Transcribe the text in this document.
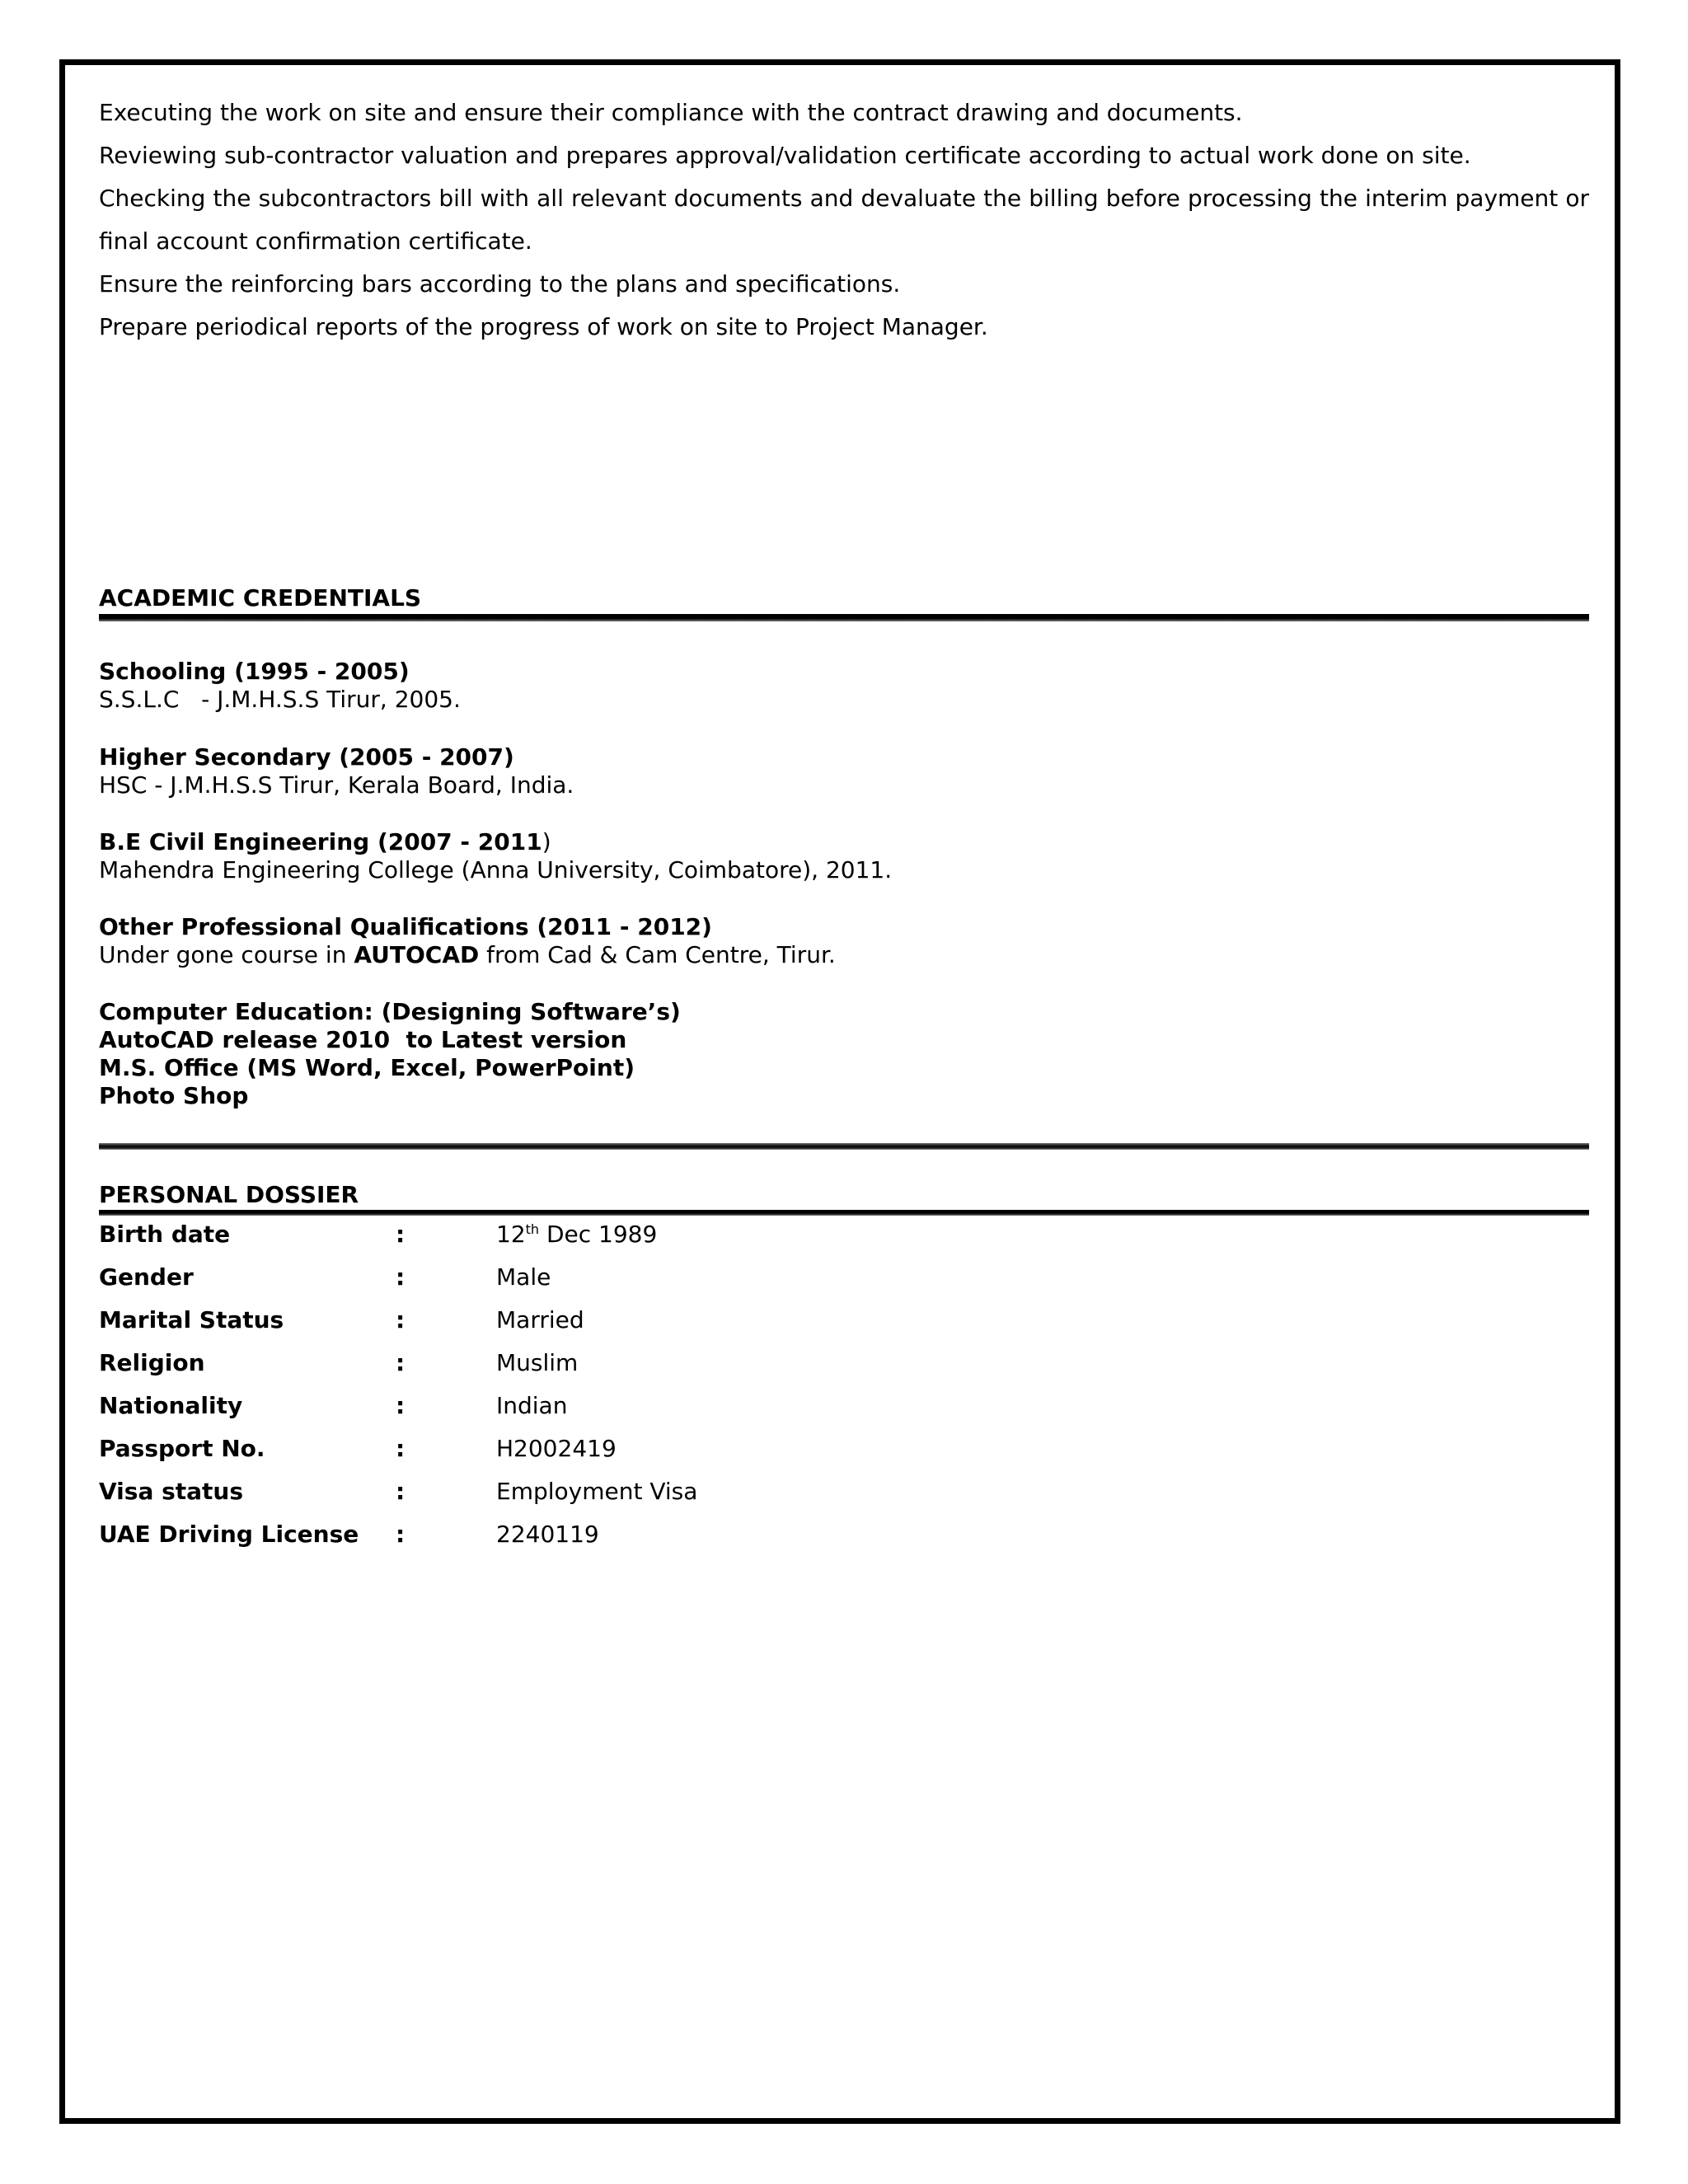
Executing the work on site and ensure their compliance with the contract drawing and documents.
Reviewing sub-contractor valuation and prepares approval/validation certificate according to actual work done on site.
Checking the subcontractors bill with all relevant documents and devaluate the billing before processing the interim payment or final account confirmation certificate.
Ensure the reinforcing bars according to the plans and specifications.
Prepare periodical reports of the progress of work on site to Project Manager.
ACADEMIC CREDENTIALS
Schooling (1995 - 2005)
S.S.L.C   - J.M.H.S.S Tirur, 2005.
Higher Secondary (2005 - 2007)
HSC - J.M.H.S.S Tirur, Kerala Board, India.
B.E Civil Engineering (2007 - 2011)
Mahendra Engineering College (Anna University, Coimbatore), 2011.
Other Professional Qualifications (2011 - 2012)
Under gone course in AUTOCAD from Cad & Cam Centre, Tirur.
Computer Education: (Designing Software’s)
AutoCAD release 2010  to Latest version
M.S. Office (MS Word, Excel, PowerPoint)
Photo Shop
PERSONAL DOSSIER
Birth date	:	12th Dec 1989
Gender	:	Male
Marital Status	:	Married
Religion	:	Muslim
Nationality	:	Indian
Passport No.	:	H2002419
Visa status	:	Employment Visa
UAE Driving License :	2240119
